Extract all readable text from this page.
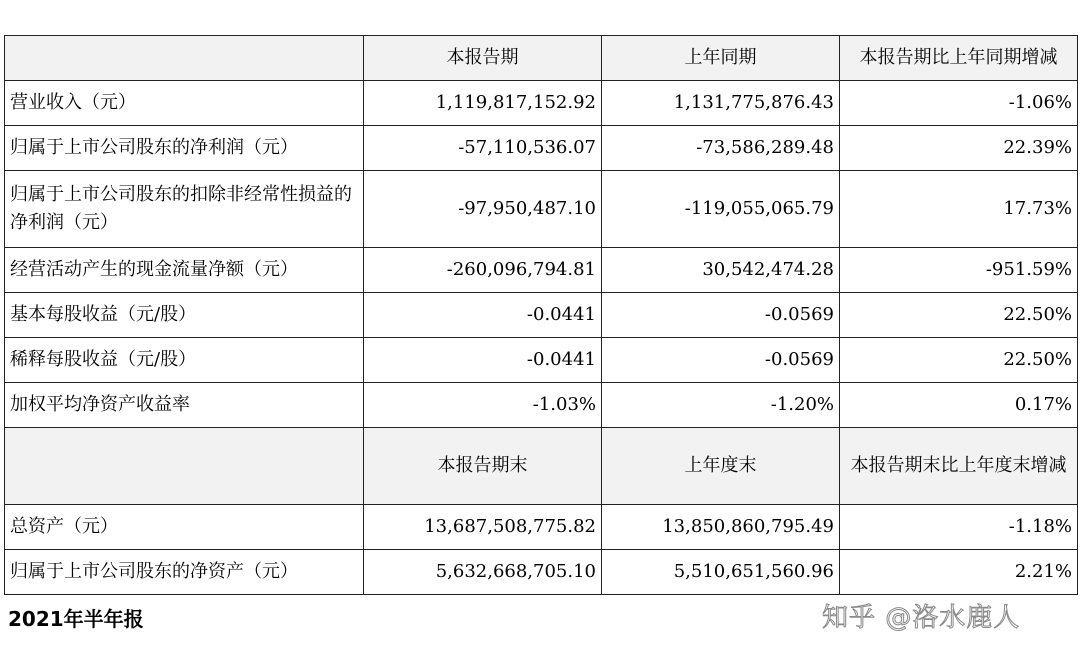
	本报告期	上年同期	本报告期比上年同期增减
营业收入（元）	1,119,817,152.92	1,131,775,876.43	-1.06%
归属于上市公司股东的净利润（元）	-57,110,536.07	-73,586,289.48	22.39%
归属于上市公司股东的扣除非经常性损益的净利润（元）	-97,950,487.10	-119,055,065.79	17.73%
经营活动产生的现金流量净额（元）	-260,096,794.81	30,542,474.28	-951.59%
基本每股收益（元/股）	-0.0441	-0.0569	22.50%
稀释每股收益（元/股）	-0.0441	-0.0569	22.50%
加权平均净资产收益率	-1.03%	-1.20%	0.17%
	本报告期末	上年度末	本报告期末比上年度末增减
总资产（元）	13,687,508,775.82	13,850,860,795.49	-1.18%
归属于上市公司股东的净资产（元）	5,632,668,705.10	5,510,651,560.96	2.21%
2021年半年报	知乎 @洛水鹿人
